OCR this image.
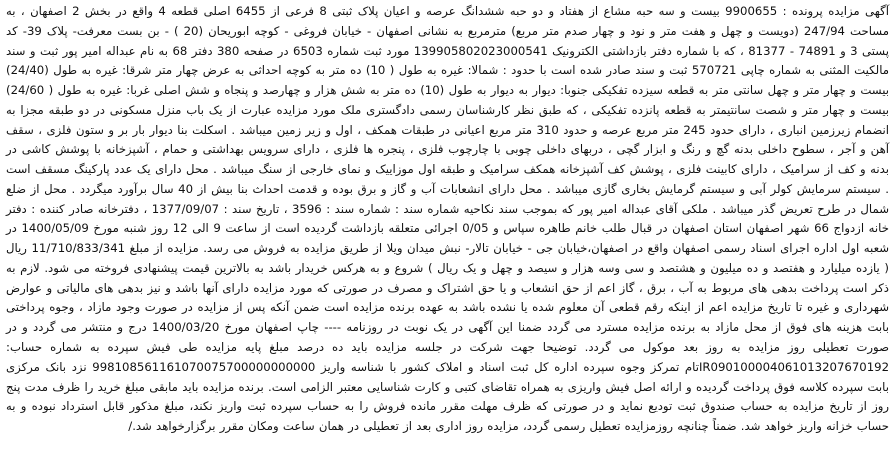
آگهی مزایده پرونده : 9900655 بیست و سه حبه مشاع از هفتاد و دو حبه ششدانگ عرصه و اعیان پلاک ثبتی 8 فرعی از 6455 اصلی قطعه 4 واقع در بخش 2 اصفهان ، به مساحت 247/94 (دویست و چهل و هفت متر و نود و چهار صدم متر مربع) مترمربع به نشانی اصفهان - خیابان فروغی - کوچه ابوریحان (20 ) - بن بست معرفت- پلاک 39- کد پستی 3 و 74891 - 81377 ، که با شماره دفتر بازداشتی الکترونیک 139905802023000541 مورد ثبت شماره 6503 در صفحه 380 دفتر 68 به نام عبداله امیر پور ثبت و سند مالکیت المثنی به شماره چاپی 570721 ثبت و سند صادر شده است با حدود : شمالا: غیره به طول ( 10) ده متر به کوچه احداثی به عرض چهار متر شرقا: غیره به طول (24/40) بیست و چهار متر و چهل سانتی متر به قطعه سیزده تفکیکی جنوبا: دیوار به دیوار به طول (10) ده متر به شش هزار و چهارصد و پنجاه و شش اصلی غربا: غیره به طول ( 24/60) بیست و چهار متر و شصت سانتیمتر به قطعه پانزده تفکیکی ، که طبق نظر کارشناسان رسمی دادگستری ملک مورد مزایده عبارت از یک باب منزل مسکونی در دو طبقه مجزا به انضمام زیرزمین انباری ، دارای حدود 245 متر مربع عرصه و حدود 310 متر مربع اعیانی در طبقات همکف ، اول و زیر زمین میباشد . اسکلت بنا دیوار بار بر و ستون فلزی ، سقف آهن و آجر ، سطوح داخلی بدنه گچ و رنگ و ابزار گچی ، دربهای داخلی چوبی با چارچوب فلزی ، پنجره ها فلزی ، دارای سرویس بهداشتی و حمام ، آشپزخانه با پوشش کاشی در بدنه و کف از سرامیک ، دارای کابینت فلزی ، پوشش کف آشپزخانه همکف سرامیک و طبقه اول موزاییک و نمای خارجی از سنگ میباشد . محل دارای یک عدد پارکینگ مسقف است . سیستم سرمایش کولر آبی و سیستم گرمایش بخاری گازی میباشد . محل دارای انشعابات آب و گاز و برق بوده و قدمت احداث بنا بیش از 40 سال برآورد میگردد . محل از ضلع شمال در طرح تعریض گذر میباشد . ملکی آقای عبداله امیر پور که بموجب سند نکاحیه شماره سند : شماره سند : 3596 ، تاریخ سند : 1377/09/07 ، دفترخانه صادر کننده : دفتر خانه ازدواج 66 شهر اصفهان استان اصفهان در قبال طلب خانم طاهره سپاس و 0/05 اجرائی متعلقه بازداشت گردیده است از ساعت 9 الی 12 روز شنبه مورخ 1400/05/09 در شعبه اول اداره اجرای اسناد رسمی اصفهان واقع در اصفهان،خیابان جی - خیابان تالار- نبش میدان ویلا از طریق مزایده به فروش می رسد. مزایده از مبلغ 11/710/833/341 ریال ( یازده میلیارد و هفتصد و ده میلیون و هشتصد و سی وسه هزار و سیصد و چهل و یک ریال ) شروع و به هرکس خریدار باشد به بالاترین قیمت پیشنهادی فروخته می شود. لازم به ذکر است پرداخت بدهی های مربوط به آب ، برق ، گاز اعم از حق انشعاب و یا حق اشتراک و مصرف در صورتی که مورد مزایده دارای آنها باشد و نیز بدهی های مالیاتی و عوارض شهرداری و غیره تا تاریخ مزایده اعم از اینکه رقم قطعی آن معلوم شده یا نشده باشد به عهده برنده مزایده است ضمن آنکه پس از مزایده در صورت وجود مازاد ، وجوه پرداختی بابت هزینه های فوق از محل مازاد به برنده مزایده مسترد می گردد ضمنا این آگهی در یک نوبت در روزنامه ---- چاپ اصفهان مورخ 1400/03/20 درج و منتشر می گردد و در صورت تعطیلی روز مزایده به روز بعد موکول می گردد. توضیحا جهت شرکت در جلسه مزایده باید ده درصد مبلغ پایه مزایده طی فیش سپرده به شماره حساب: IR090100004061013207670192تام تمرکز وجوه سپرده اداره کل ثبت اسناد و املاک کشور با شناسه واریز 998108561161070075700000000000 نزد بانک مرکزی بابت سپرده کلاسه فوق پرداخت گردیده و ارائه اصل فیش واریزی به همراه تقاضای کتبی و کارت شناسایی معتبر الزامی است. برنده مزایده باید مابقی مبلغ خرید را ظرف مدت پنج روز از تاریخ مزایده به حساب صندوق ثبت تودیع نماید و در صورتی که ظرف مهلت مقرر مانده فروش را به حساب سپرده ثبت واریز نکند، مبلغ مذکور قابل استرداد نبوده و به حساب خزانه واریز خواهد شد. ضمناً چنانچه روزمزایده تعطیل رسمی گردد، مزایده روز اداری بعد از تعطیلی در همان ساعت ومکان مقرر برگزارخواهد شد./
